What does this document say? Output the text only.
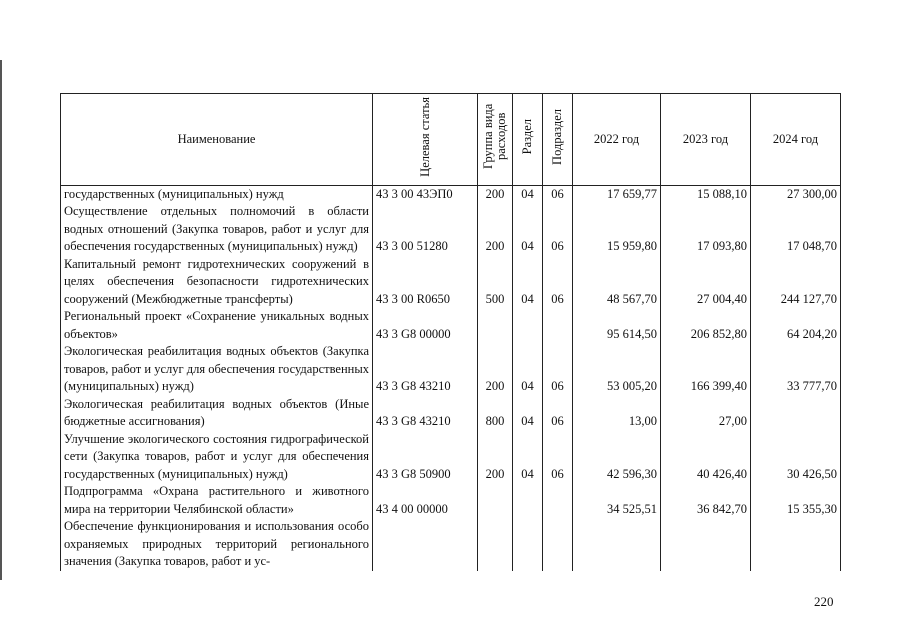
Наименование	Целевая статья	Группа вида расходов	Раздел	Подраздел	2022 год	2023 год	2024 год
государственных (муниципальных) нужд	43 3 00 43ЭП0	200	04	06	17 659,77	15 088,10	27 300,00
Осуществление отдельных полномочий в области водных отношений (Закупка товаров, работ и услуг для обеспечения государственных (муниципальных) нужд)	43 3 00 51280	200	04	06	15 959,80	17 093,80	17 048,70
Капитальный ремонт гидротехнических сооружений в целях обеспечения безопасности гидротехнических сооружений (Межбюджетные трансферты)	43 3 00 R0650	500	04	06	48 567,70	27 004,40	244 127,70
Региональный проект «Сохранение уникальных водных объектов»	43 3 G8 00000				95 614,50	206 852,80	64 204,20
Экологическая реабилитация водных объектов (Закупка товаров, работ и услуг для обеспечения государственных (муниципальных) нужд)	43 3 G8 43210	200	04	06	53 005,20	166 399,40	33 777,70
Экологическая реабилитация водных объектов (Иные бюджетные ассигнования)	43 3 G8 43210	800	04	06	13,00	27,00	
Улучшение экологического состояния гидрографической сети (Закупка товаров, работ и услуг для обеспечения государственных (муниципальных) нужд)	43 3 G8 50900	200	04	06	42 596,30	40 426,40	30 426,50
Подпрограмма «Охрана растительного и животного мира на территории Челябинской области»	43 4 00 00000				34 525,51	36 842,70	15 355,30
Обеспечение функционирования и использования особо охраняемых природных территорий регионального значения (Закупка товаров, работ и ус-							
220
